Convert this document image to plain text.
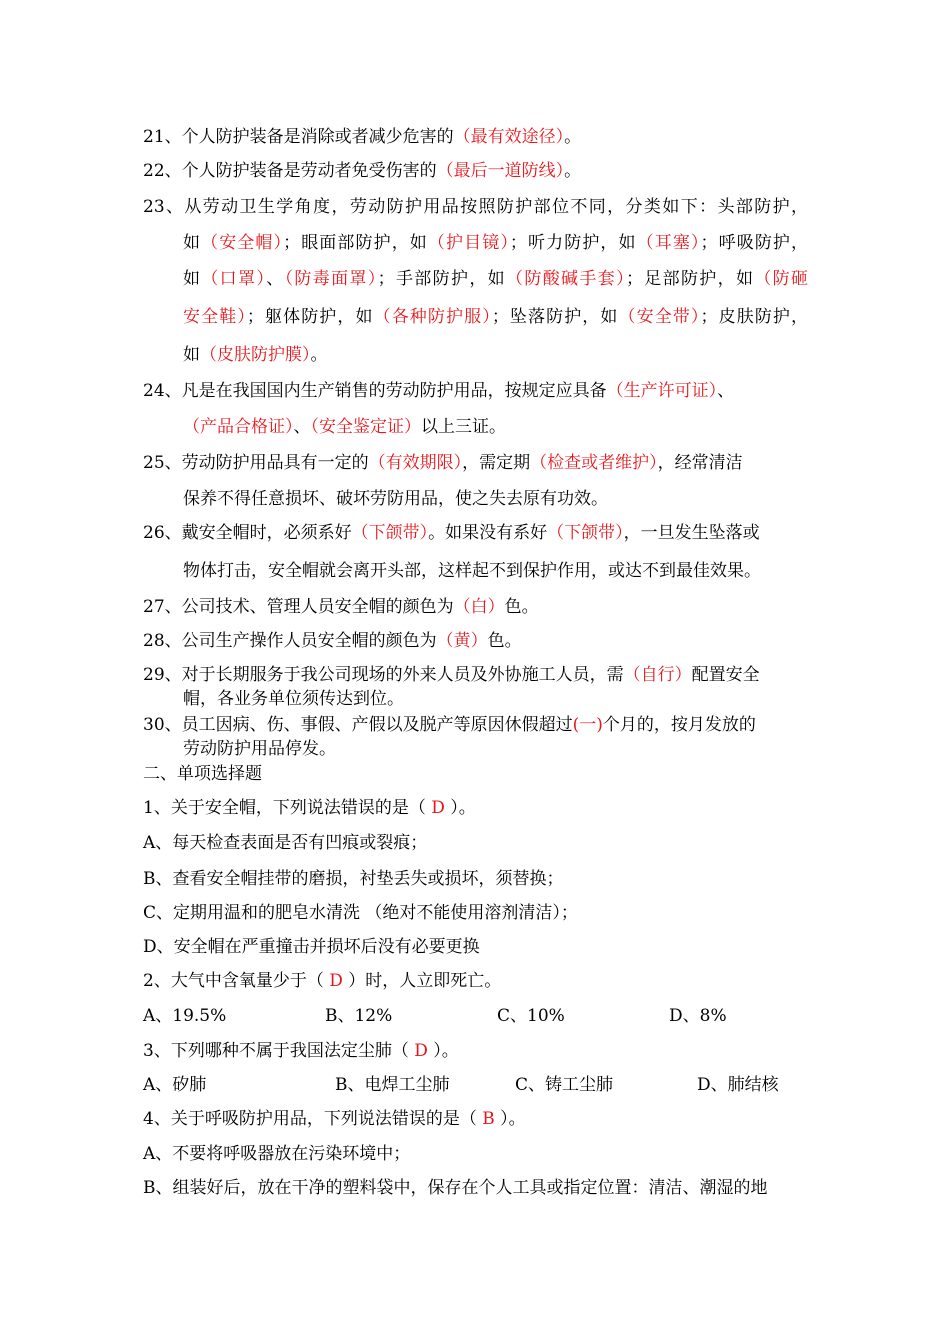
21、个人防护装备是消除或者减少危害的（最有效途径）。
22、个人防护装备是劳动者免受伤害的（最后一道防线）。
23、从劳动卫生学角度，劳动防护用品按照防护部位不同，分类如下：头部防护，
如（安全帽）；眼面部防护，如（护目镜）；听力防护，如（耳塞）；呼吸防护，
如（口罩）、（防毒面罩）；手部防护，如（防酸碱手套）；足部防护，如（防砸
安全鞋）；躯体防护，如（各种防护服）；坠落防护，如（安全带）；皮肤防护，
如（皮肤防护膜）。
24、凡是在我国国内生产销售的劳动防护用品，按规定应具备（生产许可证）、
（产品合格证）、（安全鉴定证）以上三证。
25、劳动防护用品具有一定的（有效期限），需定期（检查或者维护），经常清洁
保养不得任意损坏、破坏劳防用品，使之失去原有功效。
26、戴安全帽时，必须系好（下颌带）。如果没有系好（下颌带），一旦发生坠落或
物体打击，安全帽就会离开头部，这样起不到保护作用，或达不到最佳效果。
27、公司技术、管理人员安全帽的颜色为（白）色。
28、公司生产操作人员安全帽的颜色为（黄）色。
29、对于长期服务于我公司现场的外来人员及外协施工人员，需（自行）配置安全
帽，各业务单位须传达到位。
30、员工因病、伤、事假、产假以及脱产等原因休假超过(一)个月的，按月发放的
劳动防护用品停发。
二、单项选择题
1、关于安全帽，下列说法错误的是（ D ）。
A、每天检查表面是否有凹痕或裂痕；
B、查看安全帽挂带的磨损，衬垫丢失或损坏，须替换；
C、定期用温和的肥皂水清洗 （绝对不能使用溶剂清洁）；
D、安全帽在严重撞击并损坏后没有必要更换
2、大气中含氧量少于（ D ）时，人立即死亡。
A、19.5%	B、12%	C、10%	D、8%
3、下列哪种不属于我国法定尘肺（ D ）。
A、矽肺	B、电焊工尘肺	C、铸工尘肺	D、肺结核
4、关于呼吸防护用品，下列说法错误的是（ B ）。
A、不要将呼吸器放在污染环境中；
B、组装好后，放在干净的塑料袋中，保存在个人工具或指定位置：清洁、潮湿的地
